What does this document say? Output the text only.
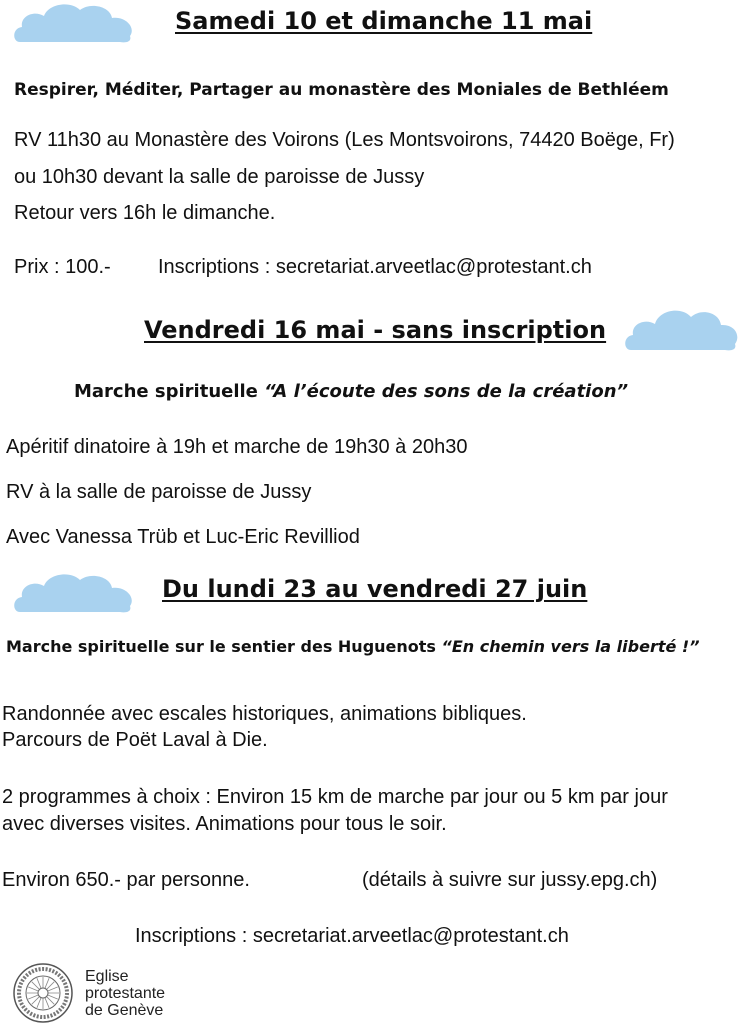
Samedi 10 et dimanche 11 mai
Respirer, Méditer, Partager au monastère des Moniales de Bethléem
RV 11h30 au Monastère des Voirons (Les Montsvoirons, 74420 Boëge, Fr)
ou 10h30 devant la salle de paroisse de Jussy
Retour vers 16h le dimanche.
Prix : 100.- Inscriptions : secretariat.arveetlac@protestant.ch
Vendredi 16 mai - sans inscription
Marche spirituelle “A l’écoute des sons de la création”
Apéritif dinatoire à 19h et marche de 19h30 à 20h30
RV à la salle de paroisse de Jussy
Avec Vanessa Trüb et Luc-Eric Revilliod
Du lundi 23 au vendredi 27 juin
Marche spirituelle sur le sentier des Huguenots “En chemin vers la liberté !”
Randonnée avec escales historiques, animations bibliques.
Parcours de Poët Laval à Die.
2 programmes à choix : Environ 15 km de marche par jour ou 5 km par jour
avec diverses visites. Animations pour tous le soir.
Environ 650.- par personne.	(détails à suivre sur jussy.epg.ch)
Inscriptions : secretariat.arveetlac@protestant.ch
Eglise
protestante
de Genève
